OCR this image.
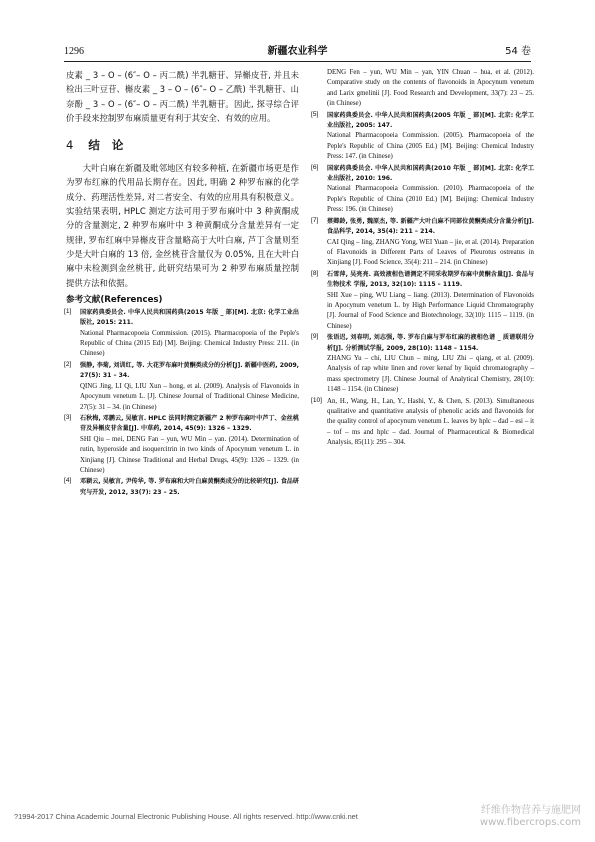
1296	新疆农业科学	54 卷

皮素 _ 3 – O – (6″– O – 丙二酰) 半乳糖苷、异槲皮苷, 并且未检出三叶豆苷、槲皮素 _ 3 – O – (6″– O – 乙酰) 半乳糖苷、山奈酚 _ 3 – O – (6″– O – 丙二酰) 半乳糖苷。因此, 探寻综合评价手段来控制罗布麻质量更有利于其安全、有效的应用。

4 结 论

大叶白麻在新疆及毗邻地区有较多种植, 在新疆市场更是作为罗布红麻的代用品长期存在。因此, 明确 2 种罗布麻的化学成分、药理活性差异, 对二者安全、有效的应用具有积极意义。实验结果表明, HPLC 测定方法可用于罗布麻叶中 3 种黄酮成分的含量测定, 2 种罗布麻叶中 3 种黄酮成分含量差异有一定规律, 罗布红麻中异槲皮苷含量略高于大叶白麻, 芦丁含量则至少是大叶白麻的 13 倍, 金丝桃苷含量仅为 0.05%, 且在大叶白麻中未检测到金丝桃苷, 此研究结果可为 2 种罗布麻质量控制提供方法和依据。

参考文献(References)
[1] 国家药典委员会. 中华人民共和国药典(2015 年版 _ 部)[M]. 北京: 化学工业出版社, 2015: 211.

National Pharmacopoeia Commission. (2015). Pharmacopoeia of the Peple's Republic of China (2015 Ed) [M]. Beijing: Chemical Industry Press: 211. (in Chinese)

[2] 强静, 李菊, 刘训红, 等. 大花罗布麻叶黄酮类成分的分析[J]. 新疆中医药, 2009, 27(5): 31 – 34.

QING Jing, LI Qi, LIU Xun – hong, et al. (2009). Analysis of Flavonoids in Apocynum venetum L. [J]. Chinese Journal of Traditional Chinese Medicine, 27(5): 31 – 34. (in Chinese)

[3] 石秋梅, 邓鹏云, 吴敏言. HPLC 法同时测定新疆产 2 种罗布麻叶中芦丁、金丝桃苷及异槲皮苷含量[J]. 中草药, 2014, 45(9): 1326 – 1329.

SHI Qiu – mei, DENG Fan – yun, WU Min – yan. (2014). Determination of rutin, hyperoside and isoquercitrin in two kinds of Apocynum venetum L. in Xinjiang [J]. Chinese Traditional and Herbal Drugs, 45(9): 1326 – 1329. (in Chinese)

[4] 邓颖云, 吴敏言, 尹传华, 等. 罗布麻和大叶白麻黄酮类成分的比较研究[J]. 食品研究与开发, 2012, 33(7): 23 – 25.

DENG Fen – yun, WU Min – yan, YIN Chuan – hua, et al. (2012). Comparative study on the contents of flavonoids in Apocynum venetum and Larix gmelinii [J]. Food Research and Development, 33(7): 23 – 25. (in Chinese)

[5] 国家药典委员会. 中华人民共和国药典(2005 年版 _ 部)[M]. 北京: 化学工业出版社, 2005: 147.

National Pharmacopoeia Commission. (2005). Pharmacopoeia of the Peple's Republic of China (2005 Ed.) [M]. Beijing: Chemical Industry Press: 147. (in Chinese)

[6] 国家药典委员会. 中华人民共和国药典(2010 年版 _ 部)[M]. 北京: 化学工业出版社, 2010: 196.

National Pharmacopoeia Commission. (2010). Pharmacopoeia of the Peple's Republic of China (2010 Ed.) [M]. Beijing: Chemical Industry Press: 196. (in Chinese)

[7] 蔡卿龄, 张勇, 魏原杰, 等. 新疆产大叶白麻不同部位黄酮类成分含量分析[J]. 食品科学, 2014, 35(4): 211 – 214.

CAI Qing – ling, ZHANG Yong, WEI Yuan – jie, et al. (2014). Preparation of Flavonoids in Different Parts of Leaves of Pleurotus ostreatus in Xinjiang [J]. Food Science, 35(4): 211 – 214. (in Chinese)

[8] 石雪萍, 吴亮亮. 高效液相色谱测定不同采收期罗布麻中黄酮含量[J]. 食品与生物技术 学报, 2013, 32(10): 1115 – 1119.

SHI Xue – ping, WU Liang – liang. (2013). Determination of Flavonoids in Apocynum venetum L. by High Performance Liquid Chromatography [J]. Journal of Food Science and Biotechnology, 32(10): 1115 – 1119. (in Chinese)

[9] 张语迟, 刘春明, 刘志强, 等. 罗布白麻与罗布红麻的液相色谱 _ 质谱联用分析[J]. 分析测试学报, 2009, 28(10): 1148 – 1154.

ZHANG Yu – chi, LIU Chun – ming, LIU Zhi – qiang, et al. (2009). Analysis of rap white linen and rover kenaf by liquid chromatography – mass spectrometry [J]. Chinese Journal of Analytical Chemistry, 28(10): 1148 – 1154. (in Chinese)

[10] An, H., Wang, H., Lan, Y., Hashi, Y., & Chen, S. (2013). Simultaneous qualitative and quantitative analysis of phenolic acids and flavonoids for the quality control of apocynum venetum L. leaves by hplc – dad – esi – it – tof – ms and hplc – dad. Journal of Pharmaceutical & Biomedical Analysis, 85(11): 295 – 304.

?1994-2017 China Academic Journal Electronic Publishing House. All rights reserved. http://www.cnki.net
纤维作物营养与施肥网
www.fibercrops.com
